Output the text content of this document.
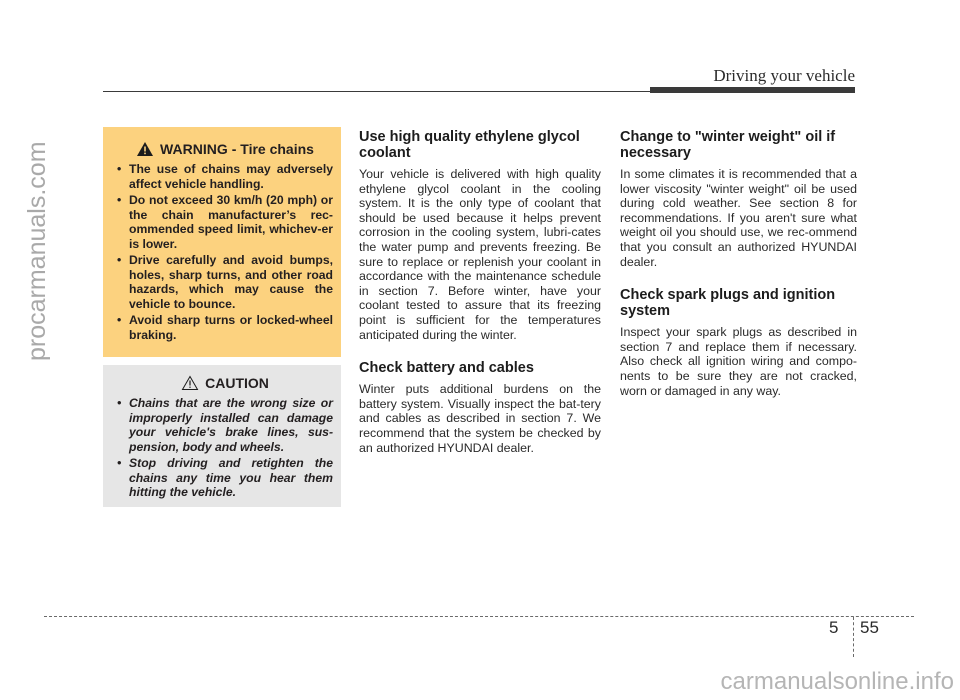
procarmanuals.com
Driving your vehicle
WARNING - Tire chains
• The use of chains may adversely affect vehicle handling.
• Do not exceed 30 km/h (20 mph) or the chain manufacturer’s rec-ommended speed limit, whichev-er is lower.
• Drive carefully and avoid bumps, holes, sharp turns, and other road hazards, which may cause the vehicle to bounce.
• Avoid sharp turns or locked-wheel braking.
CAUTION
• Chains that are the wrong size or improperly installed can damage your vehicle's brake lines, sus-pension, body and wheels.
• Stop driving and retighten the chains any time you hear them hitting the vehicle.
Use high quality ethylene glycol coolant

Your vehicle is delivered with high quality ethylene glycol coolant in the cooling system. It is the only type of coolant that should be used because it helps prevent corrosion in the cooling system, lubri-cates the water pump and prevents freezing. Be sure to replace or replenish your coolant in accordance with the maintenance schedule in section 7. Before winter, have your coolant tested to assure that its freezing point is sufficient for the temperatures anticipated during the winter.

Check battery and cables

Winter puts additional burdens on the battery system. Visually inspect the bat-tery and cables as described in section 7. We recommend that the system be checked by an authorized HYUNDAI dealer.

Change to "winter weight" oil if necessary

In some climates it is recommended that a lower viscosity "winter weight" oil be used during cold weather. See section 8 for recommendations. If you aren't sure what weight oil you should use, we rec-ommend that you consult an authorized HYUNDAI dealer.

Check spark plugs and ignition system

Inspect your spark plugs as described in section 7 and replace them if necessary. Also check all ignition wiring and compo-nents to be sure they are not cracked, worn or damaged in any way.

5 55
carmanualsonline.info
